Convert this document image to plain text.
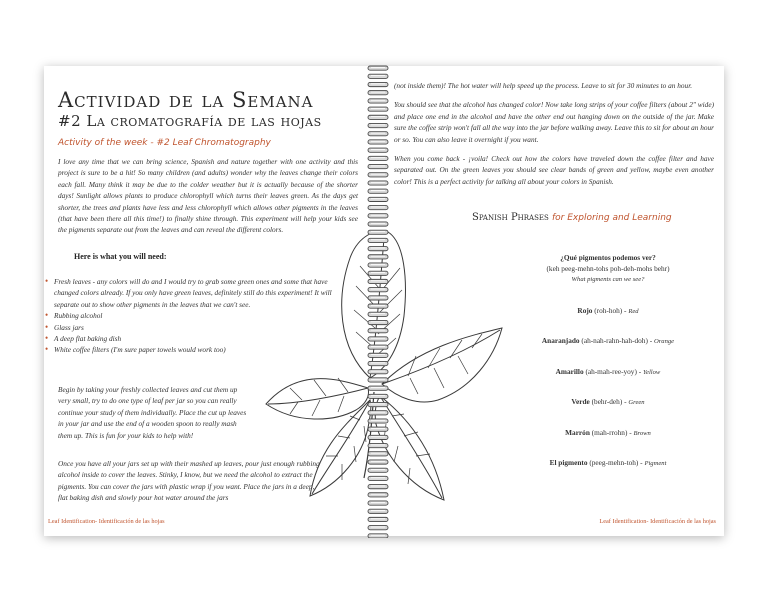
Actividad de la Semana
#2 La cromatografía de las hojas
Activity of the week - #2 Leaf Chromatography

I love any time that we can bring science, Spanish and nature together with one activity and this project is sure to be a hit! So many children (and adults) wonder why the leaves change their colors each fall. Many think it may be due to the colder weather but it is actually because of the shorter days! Sunlight allows plants to produce chlorophyll which turns their leaves green. As the days get shorter, the trees and plants have less and less chlorophyll which allows other pigments in the leaves (that have been there all this time!) to finally shine through. This experiment will help your kids see the pigments separate out from the leaves and can reveal the different colors.

Here is what you will need:
• Fresh leaves - any colors will do and I would try to grab some green ones and some that have changed colors already. If you only have green leaves, definitely still do this experiment! It will separate out to show other pigments in the leaves that we can't see.
• Rubbing alcohol
• Glass jars
• A deep flat baking dish
• White coffee filters (I'm sure paper towels would work too)

Begin by taking your freshly collected leaves and cut them up very small, try to do one type of leaf per jar so you can really continue your study of them individually. Place the cut up leaves in your jar and use the end of a wooden spoon to really mash them up. This is fun for your kids to help with!

Once you have all your jars set up with their mashed up leaves, pour just enough rubbing alcohol inside to cover the leaves. Stinky, I know, but we need the alcohol to extract the pigments. You can cover the jars with plastic wrap if you want. Place the jars in a deep, flat baking dish and slowly pour hot water around the jars

Leaf Identification- Identificación de las hojas

(not inside them)! The hot water will help speed up the process. Leave to sit for 30 minutes to an hour.

You should see that the alcohol has changed color! Now take long strips of your coffee filters (about 2" wide) and place one end in the alcohol and have the other end out hanging down on the outside of the jar. Make sure the coffee strip won't fall all the way into the jar before walking away. Leave this to sit for about an hour or so. You can also leave it overnight if you want.

When you come back - ¡voila! Check out how the colors have traveled down the coffee filter and have separated out. On the green leaves you should see clear bands of green and yellow, maybe even another color! This is a perfect activity for talking all about your colors in Spanish.

Spanish Phrases for Exploring and Learning
¿Qué pigmentos podemos ver?
(keh peeg-mehn-tohs poh-deh-mohs behr)
What pigments can we see?
Rojo (roh-hoh) - Red
Anaranjado (ah-nah-rahn-hah-doh) - Orange
Amarillo (ah-mah-ree-yoy) - Yellow
Verde (behr-deh) - Green
Marrón (mah-rrohn) - Brown
El pigmento (peeg-mehn-toh) - Pigment
Leaf Identification- Identificación de las hojas
